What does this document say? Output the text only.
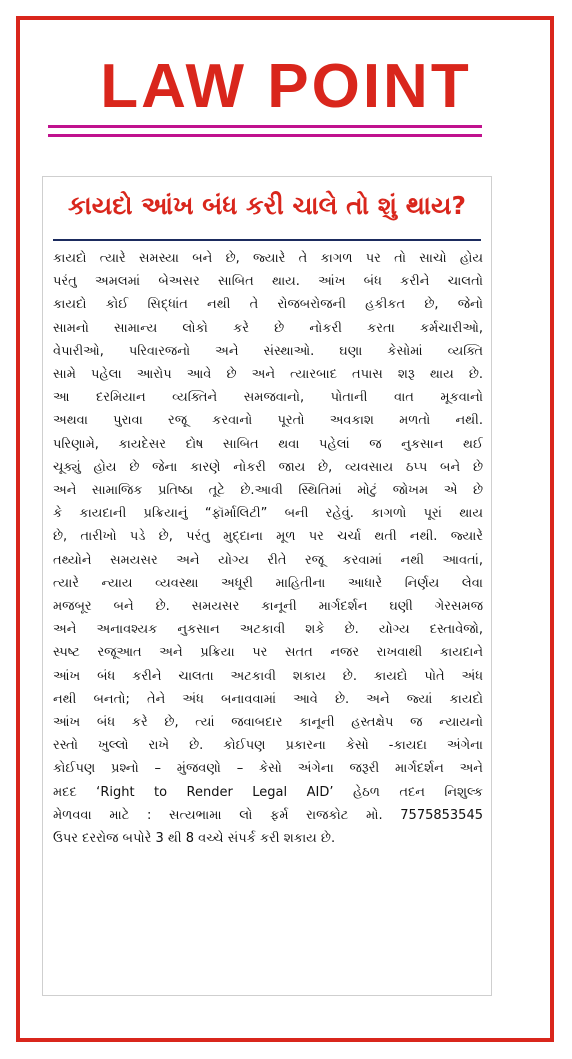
LAW POINT
કાયદો આંખ બંધ કરી ચાલે તો શું થાય?
કાયદો ત્યારે સમસ્યા બને છે, જ્યારે તે કાગળ પર તો સાચો હોય
પરંતુ અમલમાં બેઅસર સાબિત થાય. આંખ બંધ કરીને ચાલતો
કાયદો કોઈ સિદ્ધાંત નથી તે રોજબરોજની હકીકત છે, જેનો
સામનો સામાન્ય લોકો કરે છે નોકરી કરતા કર્મચારીઓ,
વેપારીઓ, પરિવારજનો અને સંસ્થાઓ. ઘણા કેસોમાં વ્યક્તિ
સામે પહેલા આરોપ આવે છે અને ત્યારબાદ તપાસ શરૂ થાય છે.
આ દરમિયાન વ્યક્તિને સમજવાનો, પોતાની વાત મૂકવાનો
અથવા પુરાવા રજૂ કરવાનો પૂરતો અવકાશ મળતો નથી.
પરિણામે, કાયદેસર દોષ સાબિત થવા પહેલાં જ નુકસાન થઈ
ચૂક્યું હોય છે જેના કારણે નોકરી જાય છે, વ્યવસાય ઠપ્પ બને છે
અને સામાજિક પ્રતિષ્ઠા તૂટે છે.આવી સ્થિતિમાં મોટું જોખમ એ છે
કે કાયદાની પ્રક્રિયાનું “ફૉર્માલિટી” બની રહેવું. કાગળો પૂરાં થાય
છે, તારીખો પડે છે, પરંતુ મુદ્દાના મૂળ પર ચર્ચા થતી નથી. જ્યારે
તથ્યોને સમયસર અને યોગ્ય રીતે રજૂ કરવામાં નથી આવતાં,
ત્યારે ન્યાય વ્યવસ્થા અધૂરી માહિતીના આધારે નિર્ણય લેવા
મજબૂર બને છે. સમયસર કાનૂની માર્ગદર્શન ઘણી ગેરસમજ
અને અનાવશ્યક નુકસાન અટકાવી શકે છે. યોગ્ય દસ્તાવેજો,
સ્પષ્ટ રજૂઆત અને પ્રક્રિયા પર સતત નજર રાખવાથી કાયદાને
આંખ બંધ કરીને ચાલતા અટકાવી શકાય છે. કાયદો પોતે અંધ
નથી બનતો; તેને અંધ બનાવવામાં આવે છે. અને જ્યાં કાયદો
આંખ બંધ કરે છે, ત્યાં જવાબદાર કાનૂની હસ્તક્ષેપ જ ન્યાયનો
રસ્તો ખુલ્લો રાખે છે. કોઈપણ પ્રકારના કેસો -કાયદા અંગેના
કોઈપણ પ્રશ્નો – મુંજવણો – કેસો અંગેના જરૂરી માર્ગદર્શન અને
મદદ ‘Right to Render Legal AID’ હેઠળ તદન નિશુલ્ક
મેળવવા માટે : સત્યભામા લો ફર્મ રાજકોટ મો. 7575853545
ઉપર દરરોજ બપોરે 3 થી 8 વચ્ચે સંપર્ક કરી શકાય છે.
